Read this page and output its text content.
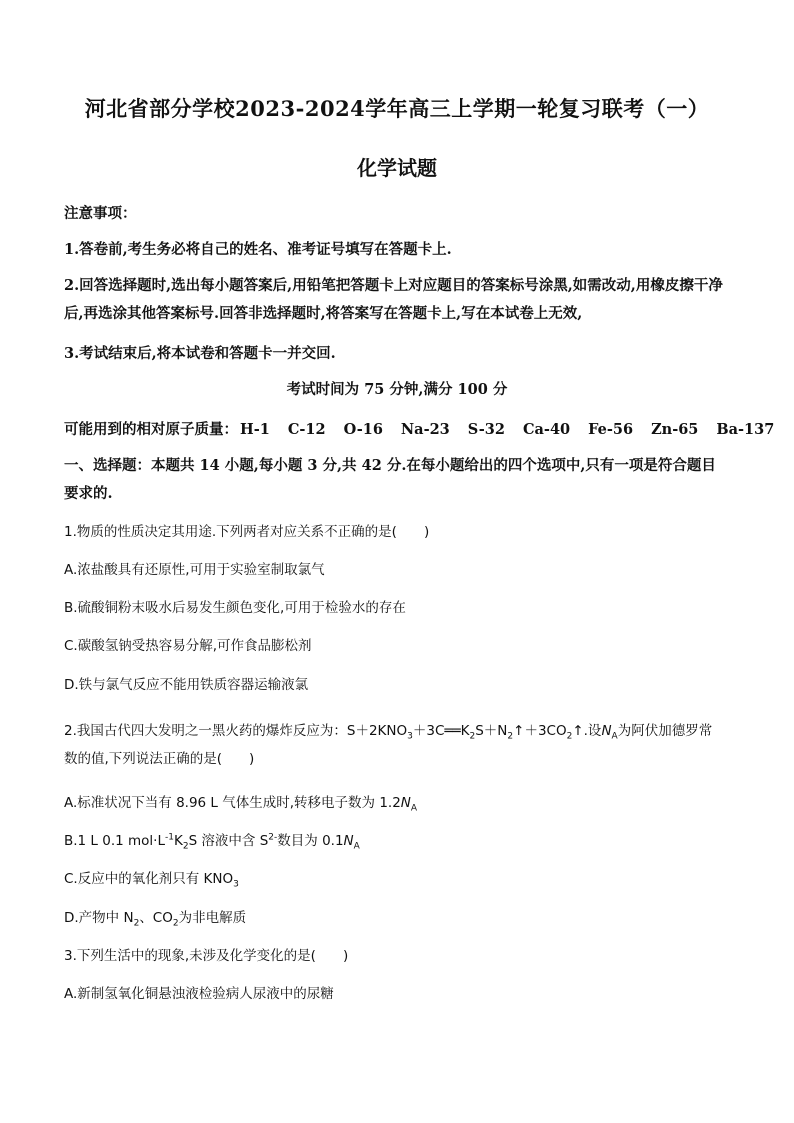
河北省部分学校2023-2024学年高三上学期一轮复习联考（一）
化学试题
注意事项：
1.答卷前,考生务必将自己的姓名、准考证号填写在答题卡上.
2.回答选择题时,选出每小题答案后,用铅笔把答题卡上对应题目的答案标号涂黑,如需改动,用橡皮擦干净后,再选涂其他答案标号.回答非选择题时,将答案写在答题卡上,写在本试卷上无效,
3.考试结束后,将本试卷和答题卡一并交回.
考试时间为 75 分钟,满分 100 分
可能用到的相对原子质量： H-1 C-12 O-16 Na-23 S-32 Ca-40 Fe-56 Zn-65 Ba-137
一、选择题：本题共 14 小题,每小题 3 分,共 42 分.在每小题给出的四个选项中,只有一项是符合题目要求的.
1.物质的性质决定其用途.下列两者对应关系不正确的是(　　)
A.浓盐酸具有还原性,可用于实验室制取氯气
B.硫酸铜粉末吸水后易发生颜色变化,可用于检验水的存在
C.碳酸氢钠受热容易分解,可作食品膨松剂
D.铁与氯气反应不能用铁质容器运输液氯
2.我国古代四大发明之一黑火药的爆炸反应为：$S+2KNO_3+3C══K_2S+N_2↑+3CO_2↑$.设$N_A$为阿伏加德罗常数的值,下列说法正确的是(　　)
A.标准状况下当有 8.96 L 气体生成时,转移电子数为 $1.2N_A$
B.1 L 0.1 $mol\cdot L^{-1}K_2S$ 溶液中含 $S^{2-}$数目为 $0.1N_A$
C.反应中的氧化剂只有 $KNO_3$
D.产物中 $N_2$、$CO_2$为非电解质
3.下列生活中的现象,未涉及化学变化的是(　　)
A.新制氢氧化铜悬浊液检验病人尿液中的尿糖
